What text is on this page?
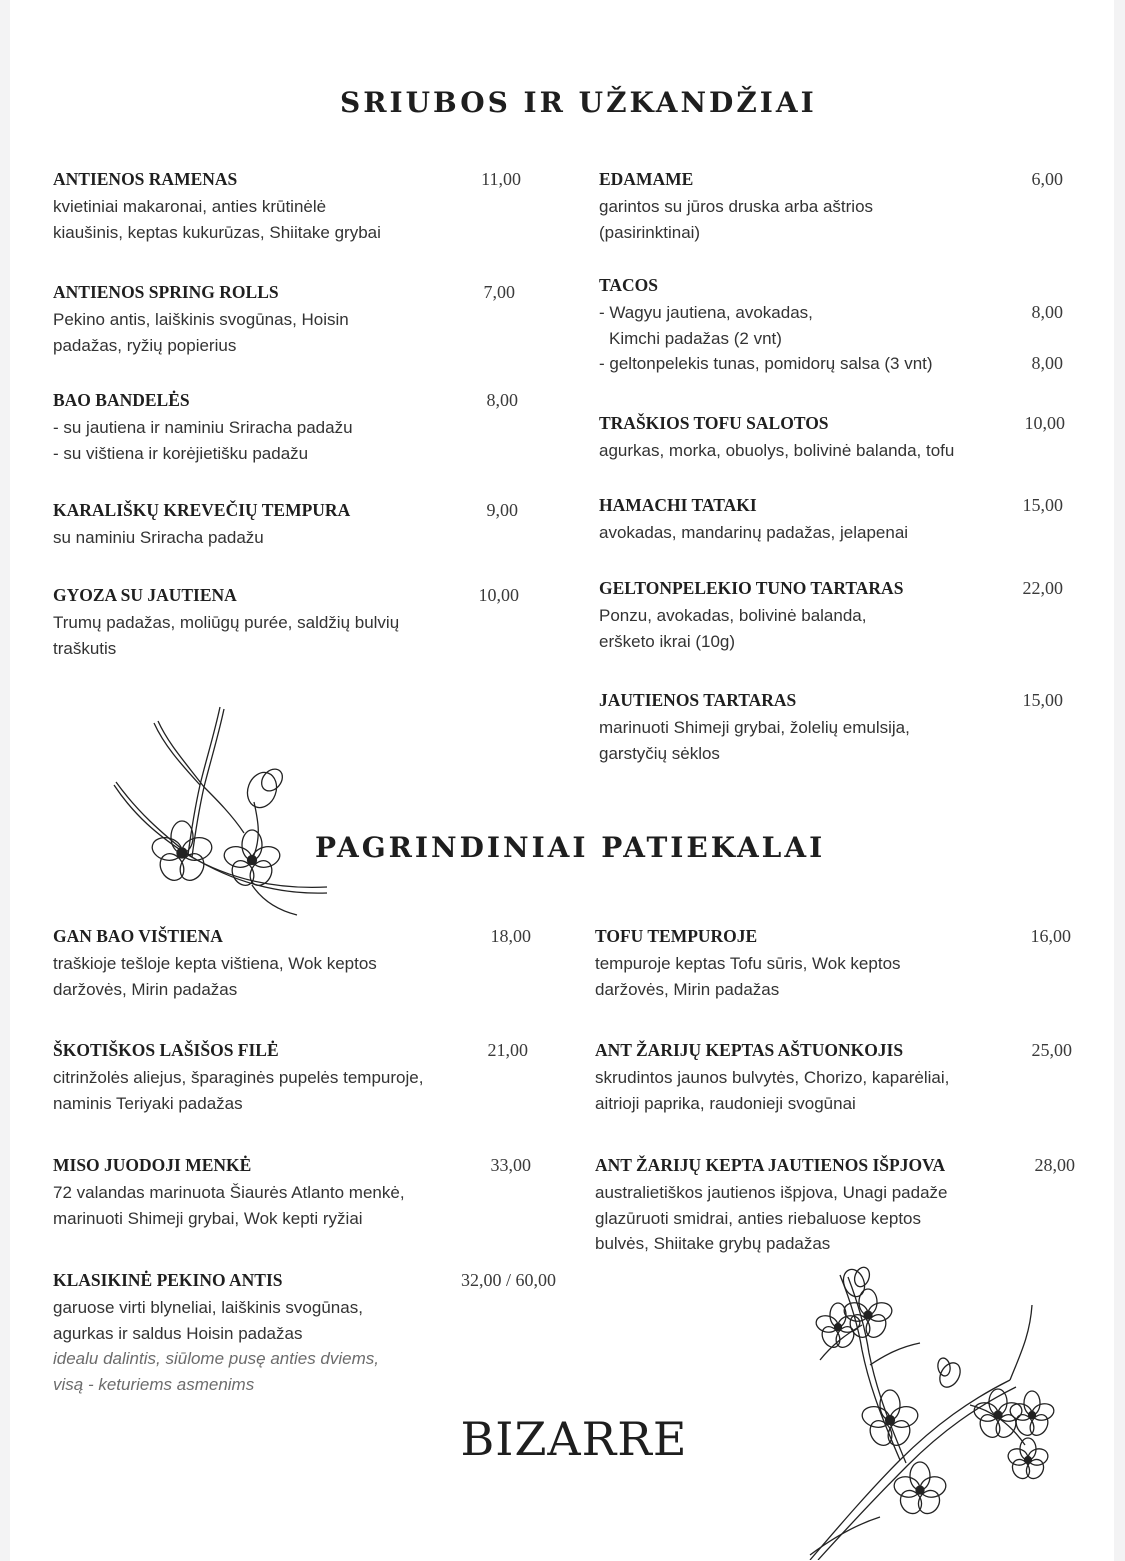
SRIUBOS IR UŽKANDŽIAI
ANTIENOS RAMENAS	11,00
kvietiniai makaronai, anties krūtinėlė
kiaušinis, keptas kukurūzas, Shiitake grybai
ANTIENOS SPRING ROLLS	7,00
Pekino antis, laiškinis svogūnas, Hoisin
padažas, ryžių popierius
BAO BANDELĖS	8,00
- su jautiena ir naminiu Sriracha padažu
- su vištiena ir korėjietišku padažu
KARALIŠKŲ KREVEČIŲ TEMPURA	9,00
su naminiu Sriracha padažu
GYOZA SU JAUTIENA	10,00
Trumų padažas, moliūgų purée, saldžių bulvių
traškutis
EDAMAME	6,00
garintos su jūros druska arba aštrios
(pasirinktinai)
TACOS
- Wagyu jautiena, avokadas,	8,00
Kimchi padažas (2 vnt)
- geltonpelekis tunas, pomidorų salsa (3 vnt)	8,00
TRAŠKIOS TOFU SALOTOS	10,00
agurkas, morka, obuolys, bolivinė balanda, tofu
HAMACHI TATAKI	15,00
avokadas, mandarinų padažas, jelapenai
GELTONPELEKIO TUNO TARTARAS	22,00
Ponzu, avokadas, bolivinė balanda,
eršketo ikrai (10g)
JAUTIENOS TARTARAS	15,00
marinuoti Shimeji grybai, žolelių emulsija,
garstyčių sėklos
PAGRINDINIAI PATIEKALAI
GAN BAO VIŠTIENA	18,00
traškioje tešloje kepta vištiena, Wok keptos
daržovės, Mirin padažas
ŠKOTIŠKOS LAŠIŠOS FILĖ	21,00
citrinžolės aliejus, šparaginės pupelės tempuroje,
naminis Teriyaki padažas
MISO JUODOJI MENKĖ	33,00
72 valandas marinuota Šiaurės Atlanto menkė,
marinuoti Shimeji grybai, Wok kepti ryžiai
KLASIKINĖ PEKINO ANTIS	32,00 / 60,00
garuose virti blyneliai, laiškinis svogūnas,
agurkas ir saldus Hoisin padažas
idealu dalintis, siūlome pusę anties dviems,
visą - keturiems asmenims
TOFU TEMPUROJE	16,00
tempuroje keptas Tofu sūris, Wok keptos
daržovės, Mirin padažas
ANT ŽARIJŲ KEPTAS AŠTUONKOJIS	25,00
skrudintos jaunos bulvytės, Chorizo, kaparėliai,
aitrioji paprika, raudonieji svogūnai
ANT ŽARIJŲ KEPTA JAUTIENOS IŠPJOVA	28,00
australietiškos jautienos išpjova, Unagi padaže
glazūruoti smidrai, anties riebaluose keptos
bulvės, Shiitake grybų padažas
BIZARRE
